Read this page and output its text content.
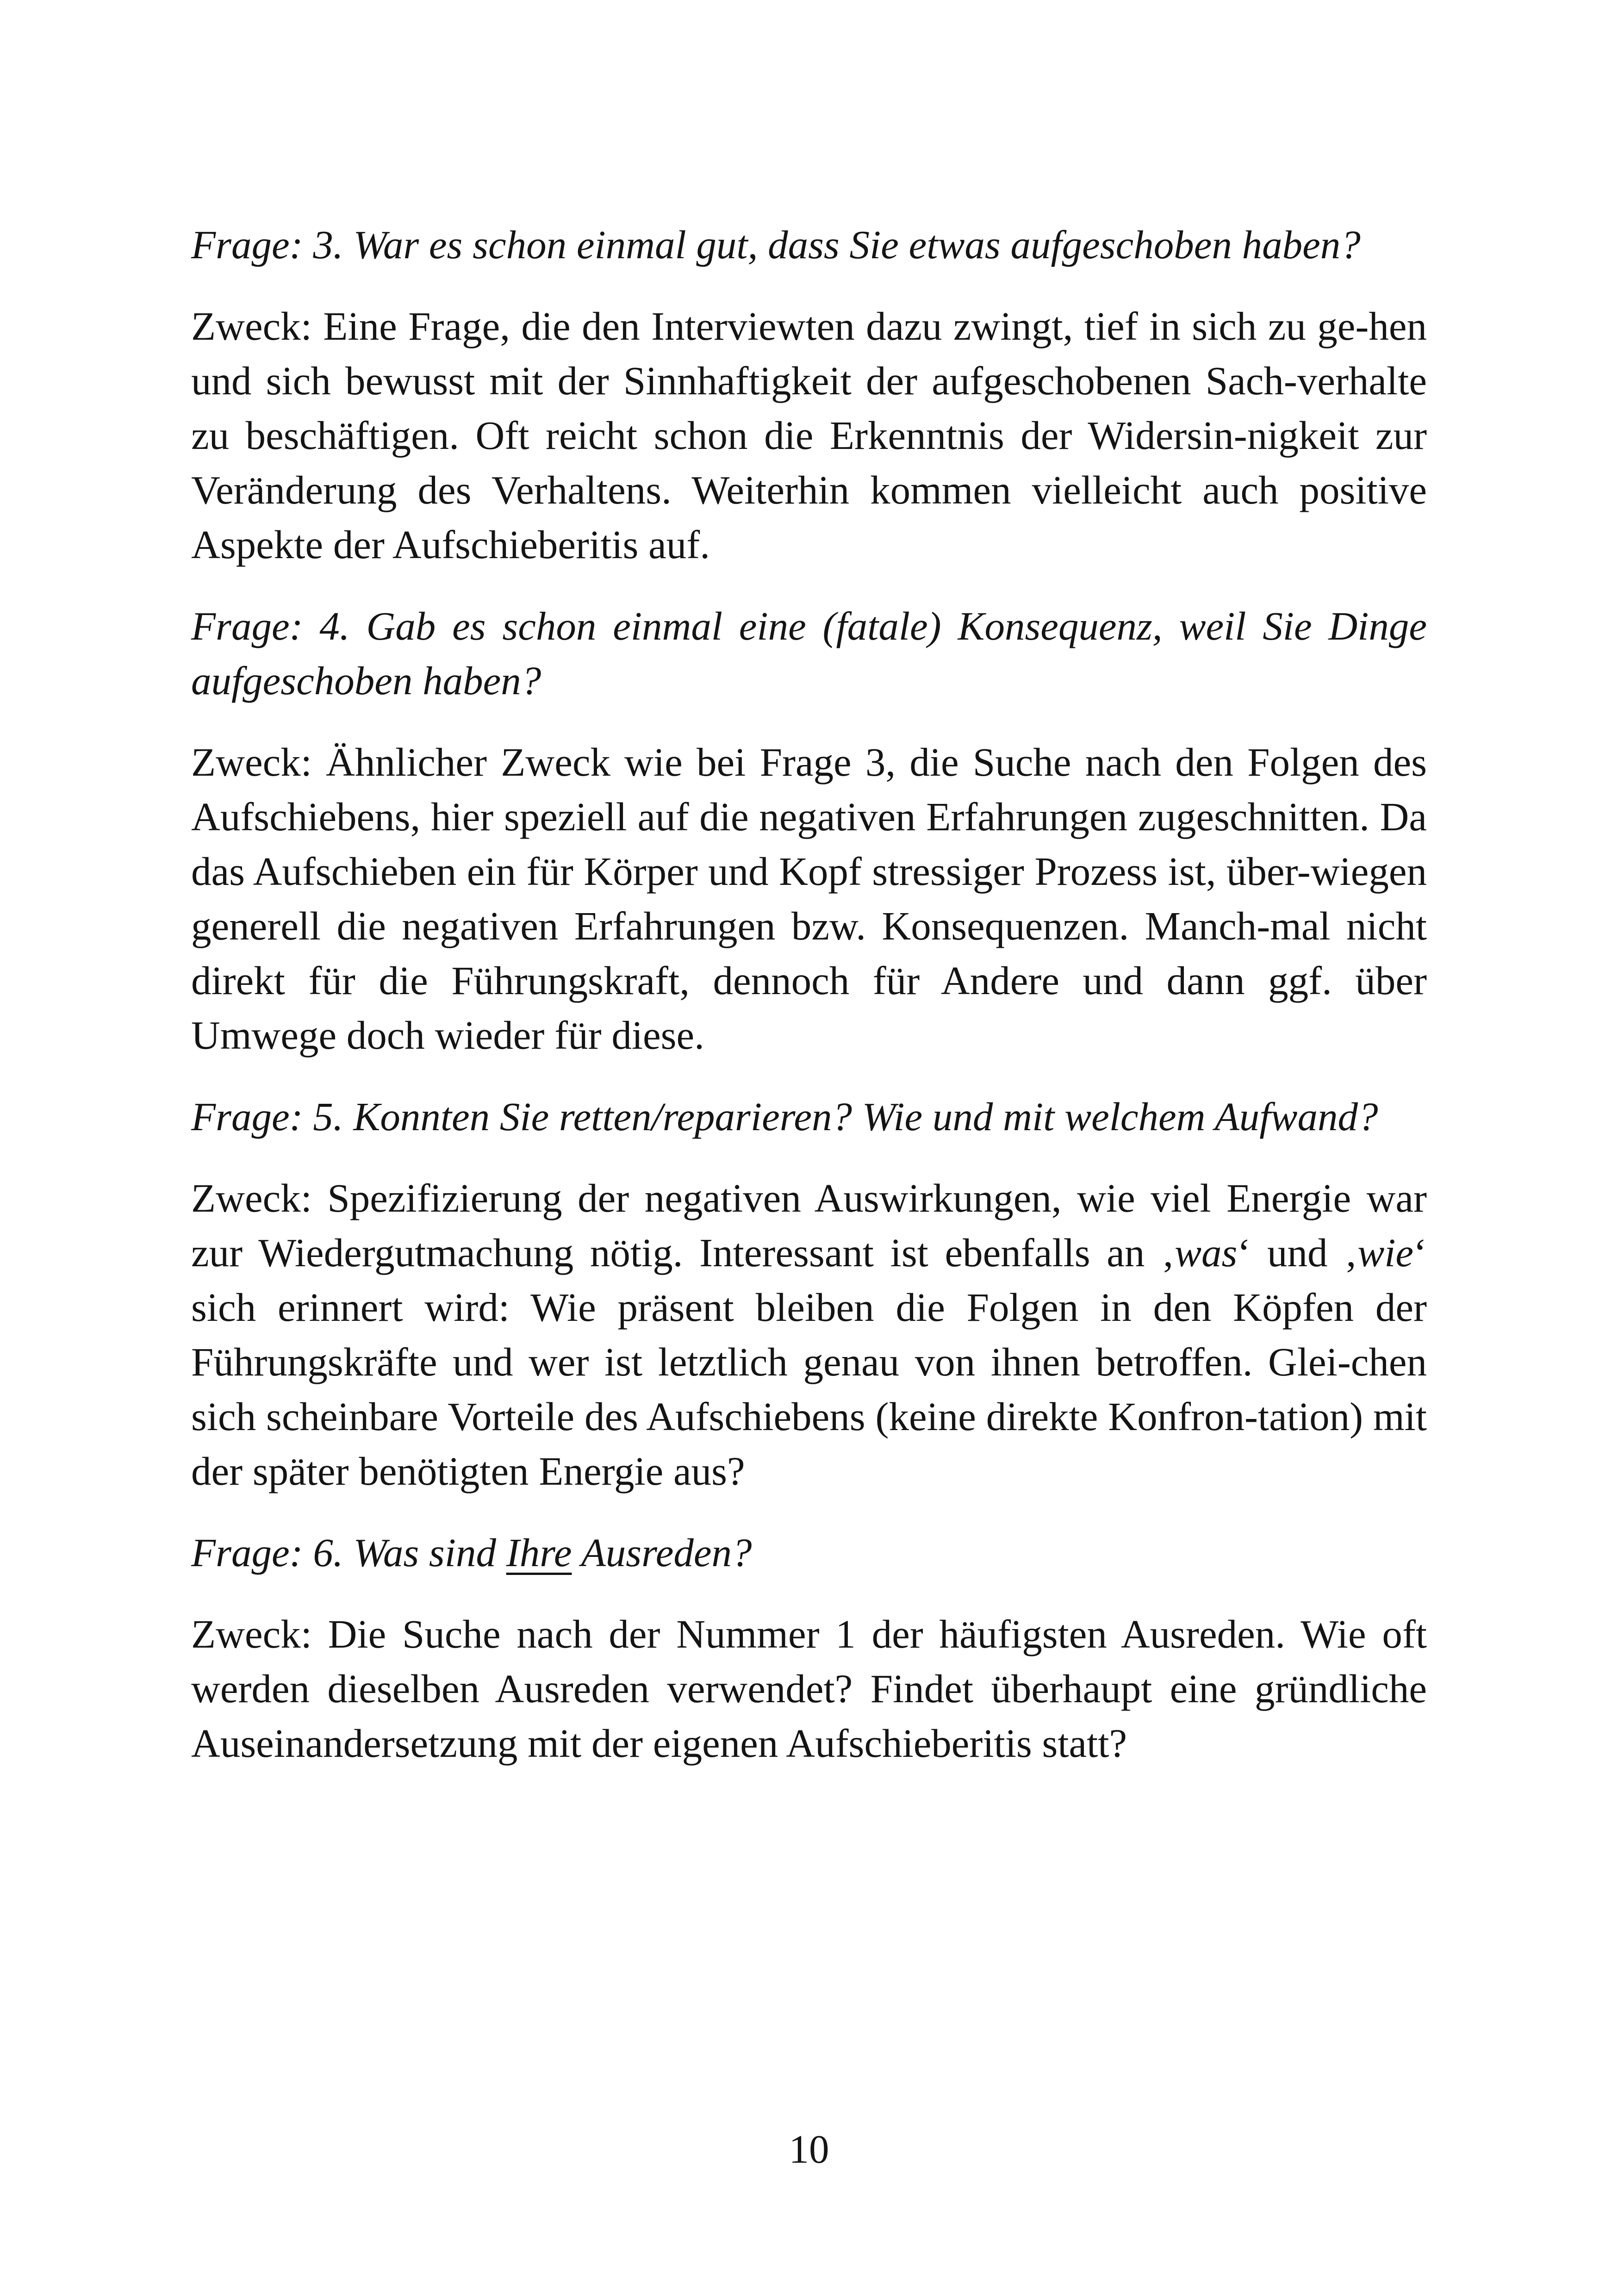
Frage: 3. War es schon einmal gut, dass Sie etwas aufgeschoben haben?

Zweck: Eine Frage, die den Interviewten dazu zwingt, tief in sich zu ge-hen und sich bewusst mit der Sinnhaftigkeit der aufgeschobenen Sach-verhalte zu beschäftigen. Oft reicht schon die Erkenntnis der Widersin-nigkeit zur Veränderung des Verhaltens. Weiterhin kommen vielleicht auch positive Aspekte der Aufschieberitis auf.

Frage: 4. Gab es schon einmal eine (fatale) Konsequenz, weil Sie Dinge aufgeschoben haben?

Zweck: Ähnlicher Zweck wie bei Frage 3, die Suche nach den Folgen des Aufschiebens, hier speziell auf die negativen Erfahrungen zugeschnitten. Da das Aufschieben ein für Körper und Kopf stressiger Prozess ist, über-wiegen generell die negativen Erfahrungen bzw. Konsequenzen. Manch-mal nicht direkt für die Führungskraft, dennoch für Andere und dann ggf. über Umwege doch wieder für diese.

Frage: 5. Konnten Sie retten/reparieren? Wie und mit welchem Aufwand?

Zweck: Spezifizierung der negativen Auswirkungen, wie viel Energie war zur Wiedergutmachung nötig. Interessant ist ebenfalls an ‚was‘ und ‚wie‘ sich erinnert wird: Wie präsent bleiben die Folgen in den Köpfen der Führungskräfte und wer ist letztlich genau von ihnen betroffen. Glei-chen sich scheinbare Vorteile des Aufschiebens (keine direkte Konfron-tation) mit der später benötigten Energie aus?

Frage: 6. Was sind Ihre Ausreden?

Zweck: Die Suche nach der Nummer 1 der häufigsten Ausreden. Wie oft werden dieselben Ausreden verwendet? Findet überhaupt eine gründliche Auseinandersetzung mit der eigenen Aufschieberitis statt?

10
